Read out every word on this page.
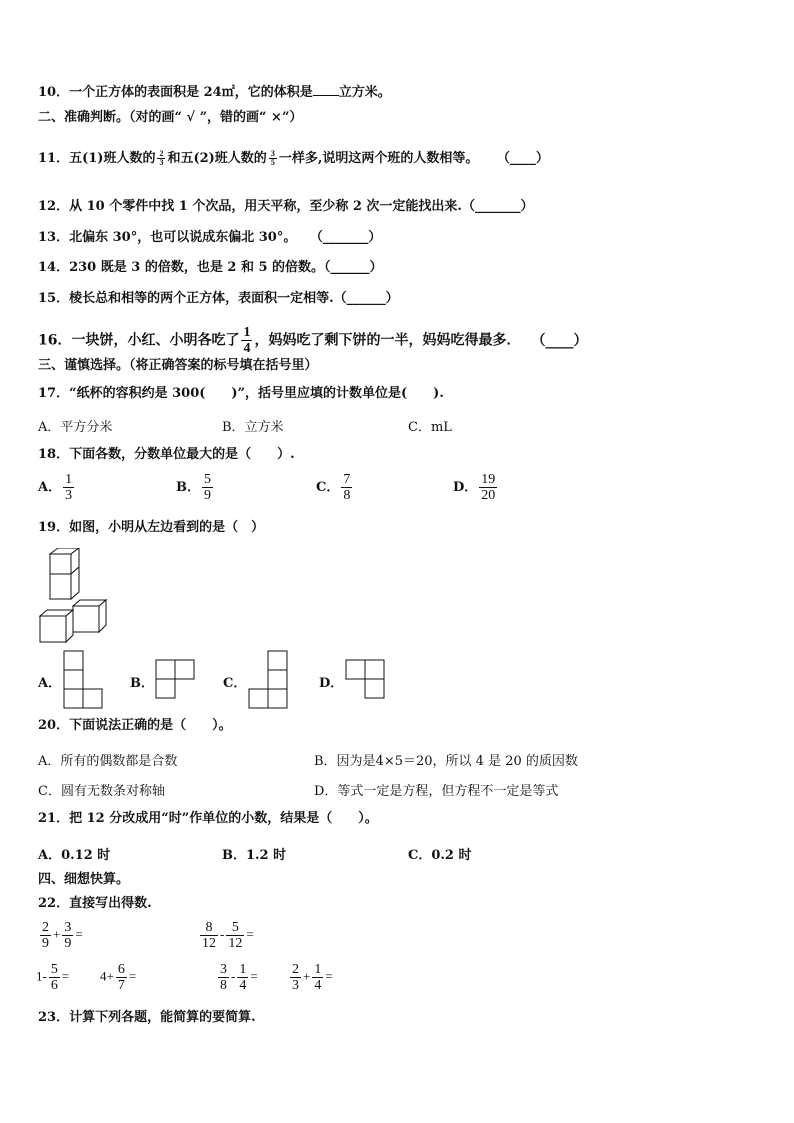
10．一个正方体的表面积是 24㎡，它的体积是 立方米。
二、准确判断。（对的画“ √ ”，错的画“ ×”）
11．五(1)班人数的 $\frac{2}{3}$ 和五(2)班人数的 $\frac{3}{5}$ 一样多,说明这两个班的人数相等。 （____）
12．从 10 个零件中找 1 个次品，用天平称，至少称 2 次一定能找出来.（_______）
13．北偏东 30°，也可以说成东偏北 30°。 （_______）
14．230 既是 3 的倍数，也是 2 和 5 的倍数。（______）
15．棱长总和相等的两个正方体，表面积一定相等.（______）
16．一块饼，小红、小明各吃了 $\frac{1}{4}$ ，妈妈吃了剩下饼的一半，妈妈吃得最多． （____）
三、谨慎选择。（将正确答案的标号填在括号里）
17．“纸杯的容积约是 300(　　)”，括号里应填的计数单位是(　　).
A．平方分米	B．立方米	C．mL
18．下面各数，分数单位最大的是（　　）.
A． $\frac{1}{3}$	B． $\frac{5}{9}$	C． $\frac{7}{8}$	D． $\frac{19}{20}$
19．如图，小明从左边看到的是（　）
A．	B．	C．	D．
20．下面说法正确的是（　　）。
A．所有的偶数都是合数	B．因为是4×5＝20，所以 4 是 20 的质因数
C．圆有无数条对称轴	D．等式一定是方程，但方程不一定是等式
21．把 12 分改成用“时”作单位的小数，结果是（　　）。
A．0.12 时	B．1.2 时	C．0.2 时
四、细想快算。
22．直接写出得数.
$\frac{2}{9} + \frac{3}{9}$ =	$\frac{8}{12} - \frac{5}{12}$ =
$1- \frac{5}{6} = 4+ \frac{6}{7}$ =	$\frac{3}{8} - \frac{1}{4} = \frac{2}{3} + \frac{1}{4}$ =
23．计算下列各题，能简算的要简算.
